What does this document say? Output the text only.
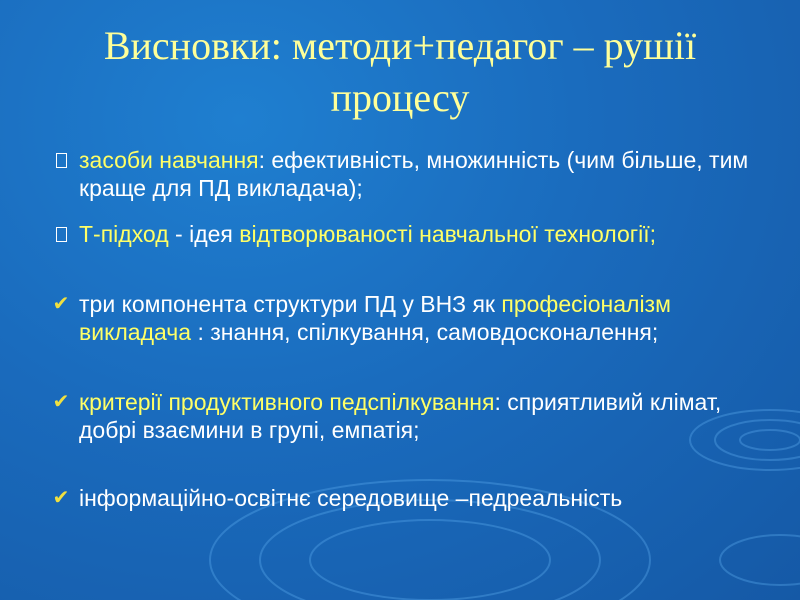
Висновки: методи+педагог – рушії процесу
засоби навчання: ефективність, множинність (чим більше, тим краще для ПД викладача);
Т-підход - ідея відтворюваності навчальної технології;
✔ три компонента структури ПД у ВНЗ як професіоналізм викладача : знання, спілкування, самовдосконалення;
✔ критерії продуктивного педспілкування: сприятливий клімат, добрі взаємини в групі, емпатія;
✔ інформаційно-освітнє середовище –педреальність
